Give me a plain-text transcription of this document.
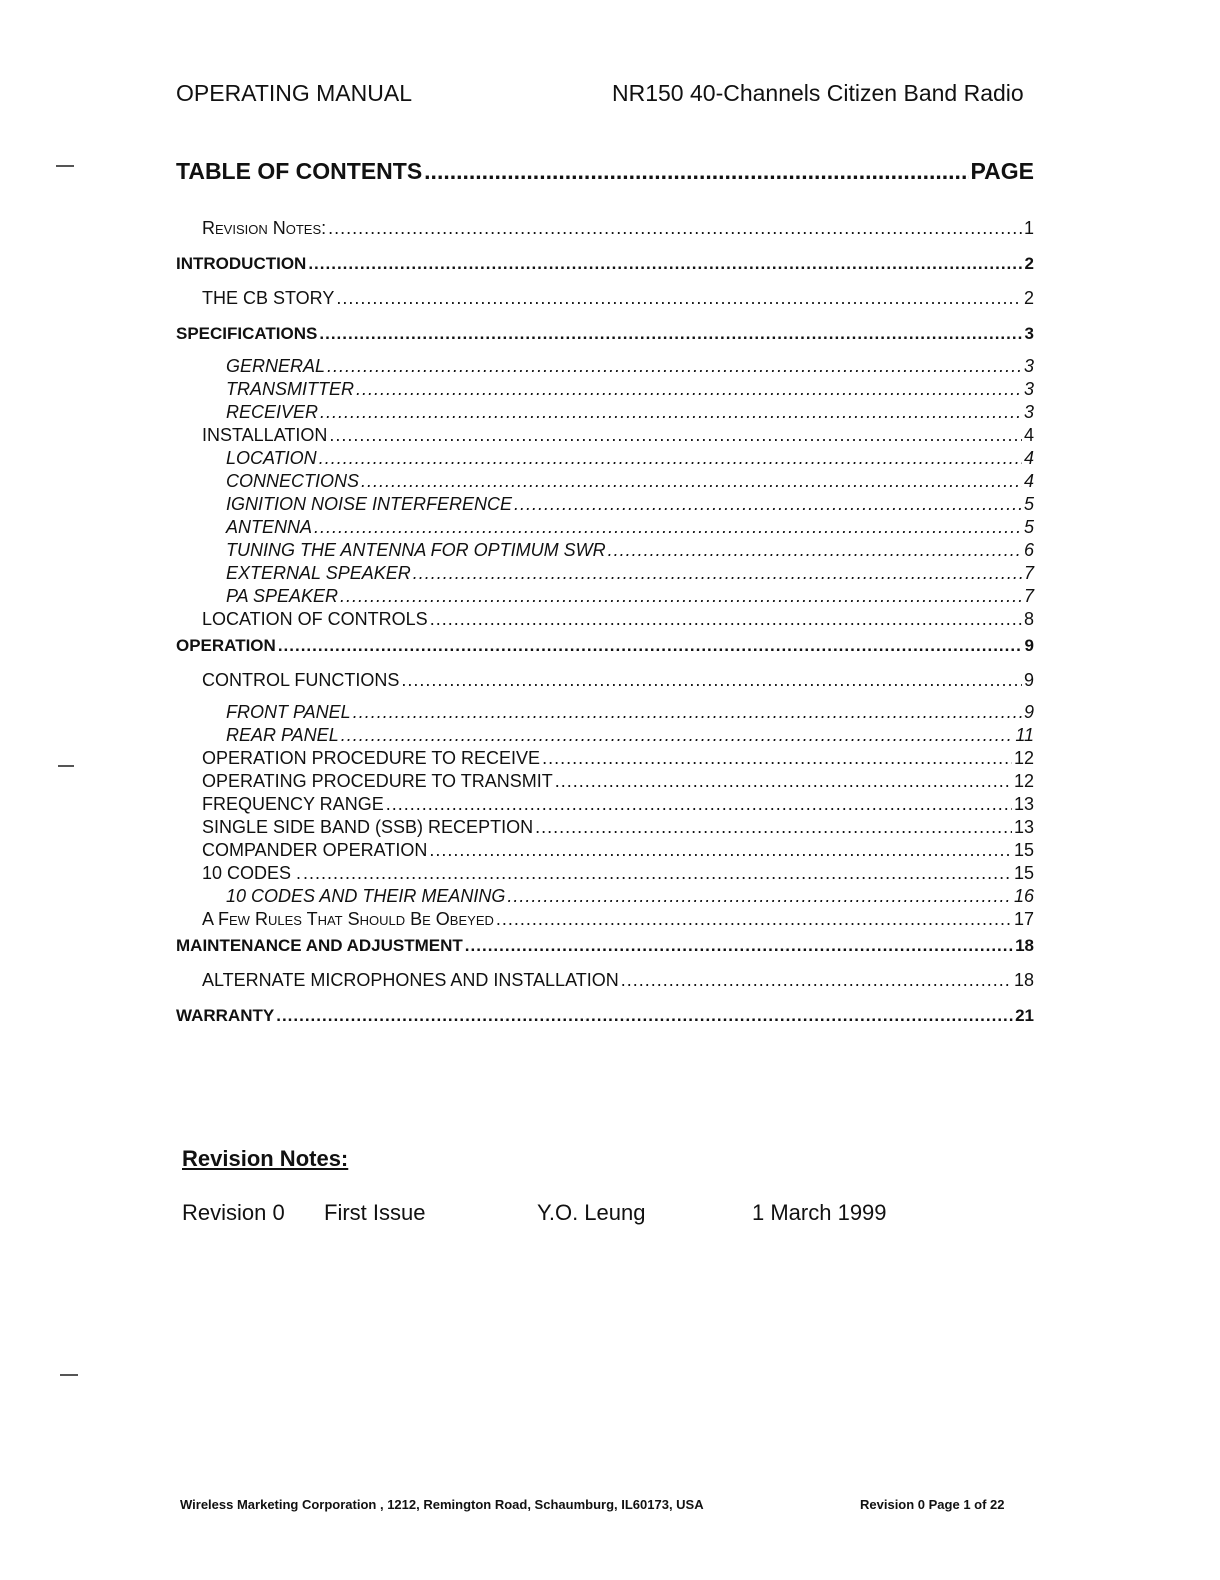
OPERATING MANUAL	NR150 40-Channels Citizen Band Radio
TABLE OF CONTENTS .....	PAGE
Revision Notes: .....	1
INTRODUCTION .....	2
THE CB STORY .....	2
SPECIFICATIONS .....	3
GERNERAL .....	3
TRANSMITTER .....	3
RECEIVER .....	3
INSTALLATION .....	4
LOCATION .....	4
CONNECTIONS .....	4
IGNITION NOISE INTERFERENCE .....	5
ANTENNA .....	5
TUNING THE ANTENNA FOR OPTIMUM SWR .....	6
EXTERNAL SPEAKER .....	7
PA SPEAKER .....	7
LOCATION OF CONTROLS .....	8
OPERATION .....	9
CONTROL FUNCTIONS .....	9
FRONT PANEL .....	9
REAR PANEL .....	11
OPERATION PROCEDURE TO RECEIVE .....	12
OPERATING PROCEDURE TO TRANSMIT .....	12
FREQUENCY RANGE .....	13
SINGLE SIDE BAND (SSB) RECEPTION .....	13
COMPANDER OPERATION .....	15
10 CODES . .....	15
10 CODES AND THEIR MEANING .....	16
A Few Rules That Should Be Obeyed .....	17
MAINTENANCE AND ADJUSTMENT .....	18
ALTERNATE MICROPHONES AND INSTALLATION .....	18
WARRANTY .....	21
Revision Notes:
Revision 0 First Issue	Y.O. Leung	1 March 1999
Wireless Marketing Corporation , 1212, Remington Road, Schaumburg, IL60173, USA	Revision 0 Page 1 of 22
